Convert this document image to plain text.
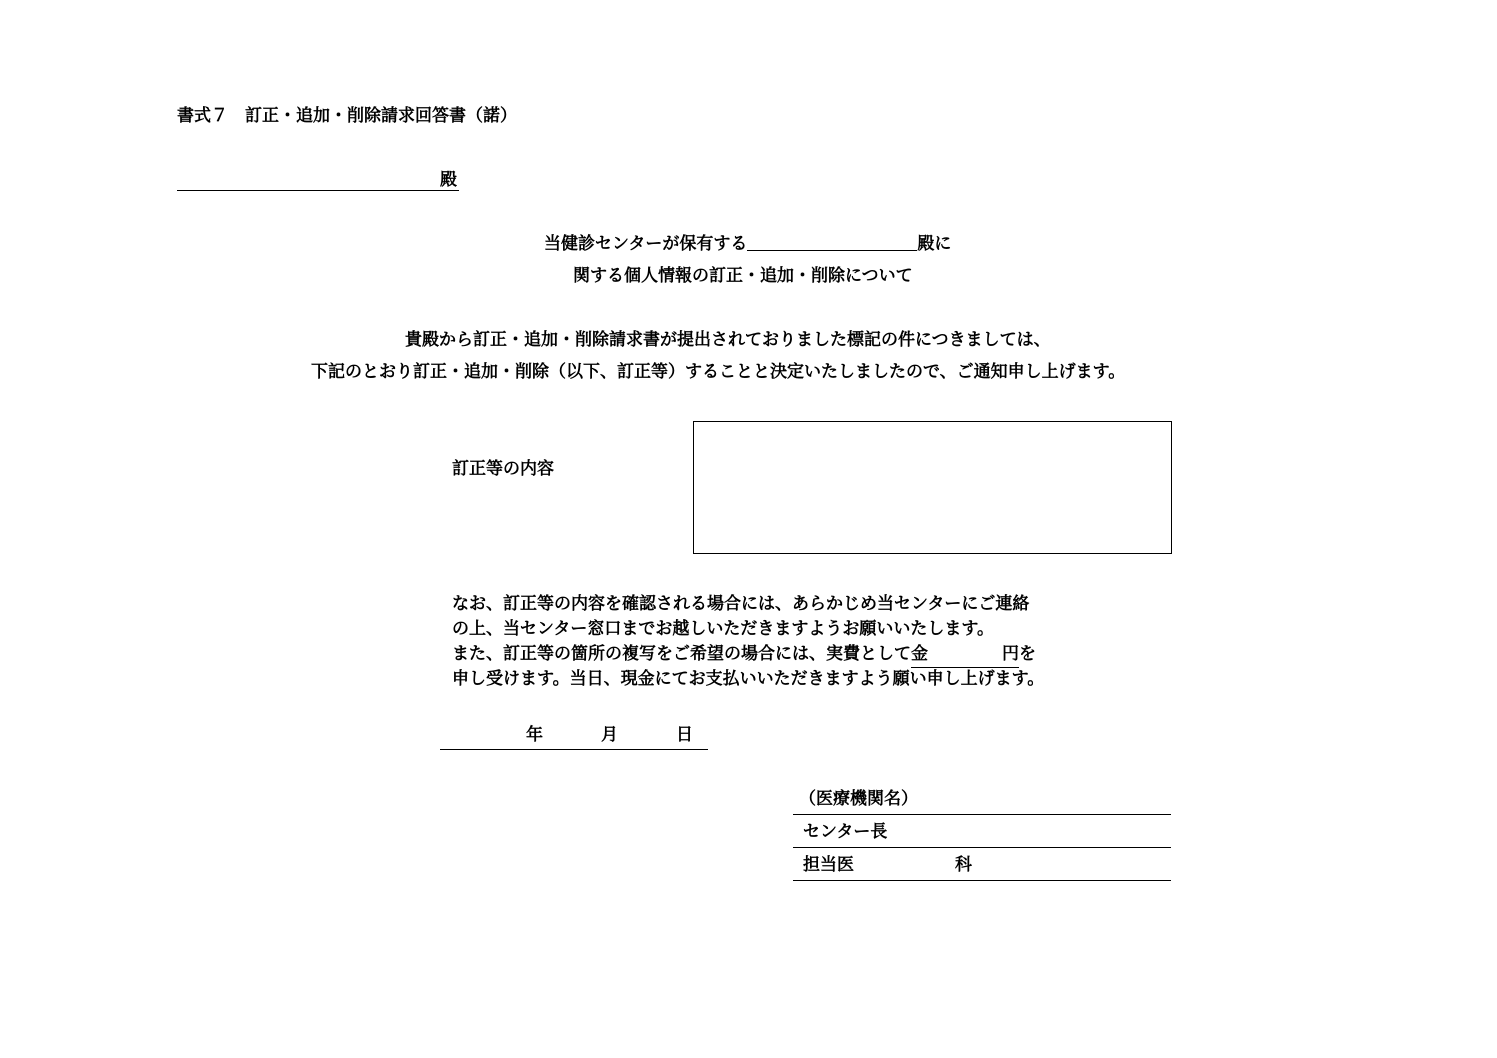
書式７　訂正・追加・削除請求回答書（諾）
殿
当健診センターが保有する	殿に
関する個人情報の訂正・追加・削除について
貴殿から訂正・追加・削除請求書が提出されておりました標記の件につきましては、
下記のとおり訂正・追加・削除（以下、訂正等）することと決定いたしましたので、ご通知申し上げます。
訂正等の内容
なお、訂正等の内容を確認される場合には、あらかじめ当センターにご連絡
の上、当センター窓口までお越しいただきますようお願いいたします。
また、訂正等の箇所の複写をご希望の場合には、実費として金	円を
申し受けます。当日、現金にてお支払いいただきますよう願い申し上げます。
年	月	日
（医療機関名）
センター長
担当医	科
